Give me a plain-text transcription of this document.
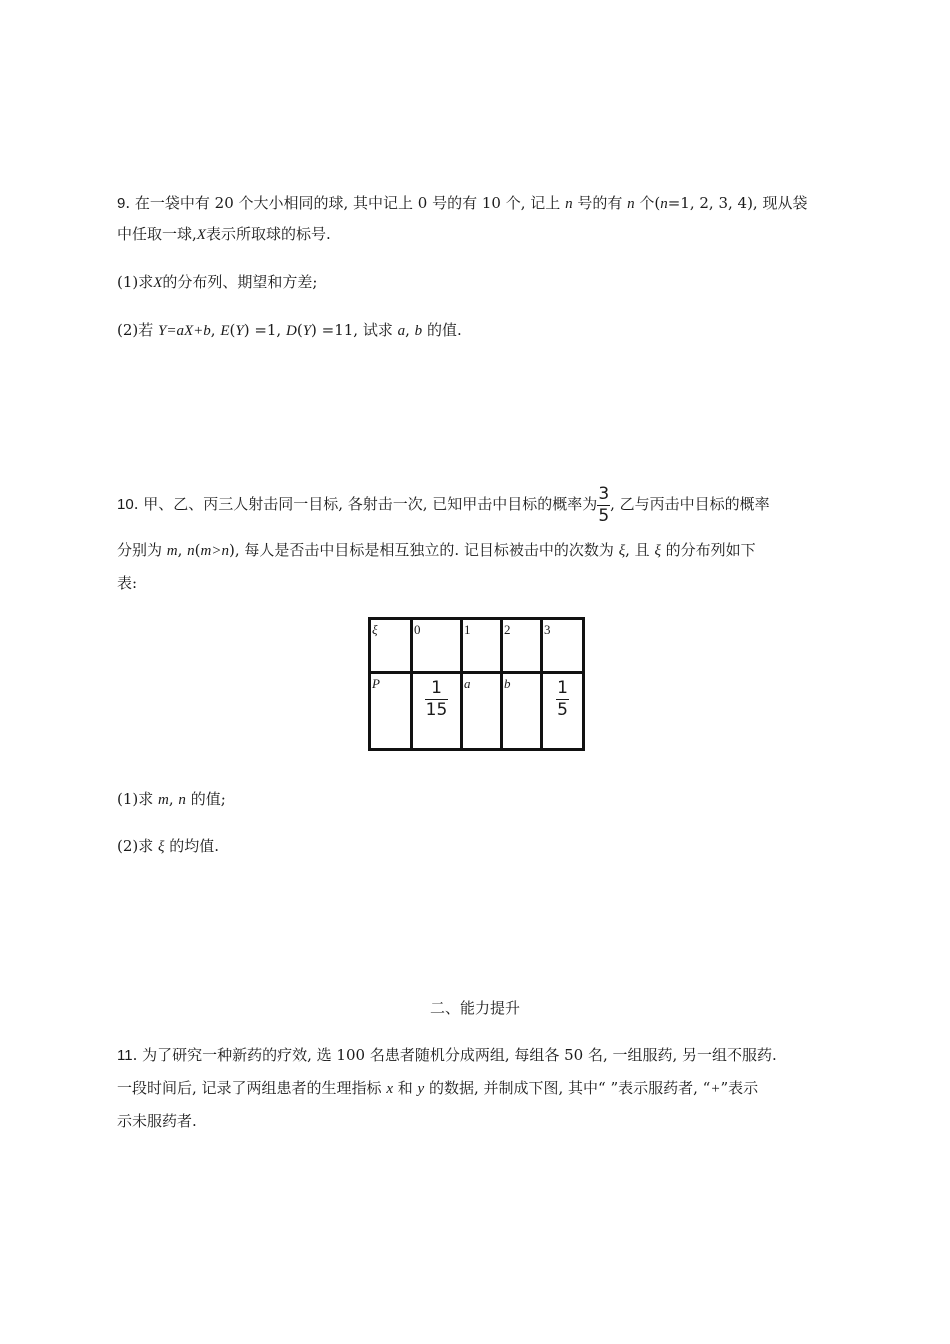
9. 在一袋中有 20 个大小相同的球, 其中记上 0 号的有 10 个, 记上 n 号的有 n 个(n=1, 2, 3, 4), 现从袋
中任取一球,X表示所取球的标号.
(1)求X的分布列、期望和方差;
(2)若 Y=aX+b, E(Y) =1, D(Y) =11, 试求 a, b 的值.
10. 甲、乙、丙三人射击同一目标, 各射击一次, 已知甲击中目标的概率为 $\frac{3}{5}$ , 乙与丙击中目标的概率
分别为 m, n(m>n), 每人是否击中目标是相互独立的. 记目标被击中的次数为 ξ, 且 ξ 的分布列如下
表:
ξ	0	1	2	3
P	$\frac{1}{15}$	a	b	$\frac{1}{5}$
(1)求 m, n 的值;
(2)求 ξ 的均值.
二、能力提升
11. 为了研究一种新药的疗效, 选 100 名患者随机分成两组, 每组各 50 名, 一组服药, 另一组不服药.
一段时间后, 记录了两组患者的生理指标 x 和 y 的数据, 并制成下图, 其中“ ”表示服药者, “+”表示
示未服药者.
